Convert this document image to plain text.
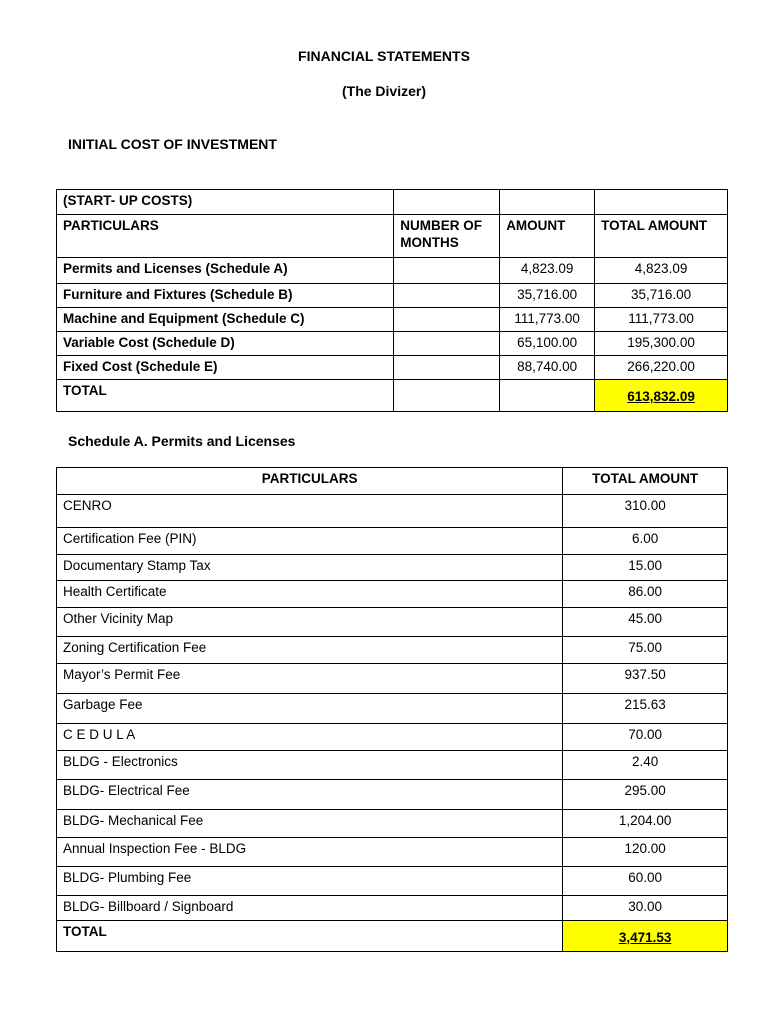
FINANCIAL STATEMENTS
(The Divizer)
INITIAL COST OF INVESTMENT
(START- UP COSTS)			
PARTICULARS	NUMBER OF MONTHS	AMOUNT	TOTAL AMOUNT
Permits and Licenses (Schedule A)		4,823.09	4,823.09
Furniture and Fixtures (Schedule B)		35,716.00	35,716.00
Machine and Equipment (Schedule C)		111,773.00	111,773.00
Variable Cost (Schedule D)		65,100.00	195,300.00
Fixed Cost (Schedule E)		88,740.00	266,220.00
TOTAL			613,832.09
Schedule A. Permits and Licenses
PARTICULARS	TOTAL AMOUNT
CENRO	310.00
Certification Fee (PIN)	6.00
Documentary Stamp Tax	15.00
Health Certificate	86.00
Other Vicinity Map	45.00
Zoning Certification Fee	75.00
Mayor’s Permit Fee	937.50
Garbage Fee	215.63
C E D U L A	70.00
BLDG - Electronics	2.40
BLDG- Electrical Fee	295.00
BLDG- Mechanical Fee	1,204.00
Annual Inspection Fee - BLDG	120.00
BLDG- Plumbing Fee	60.00
BLDG- Billboard / Signboard	30.00
TOTAL	3,471.53
